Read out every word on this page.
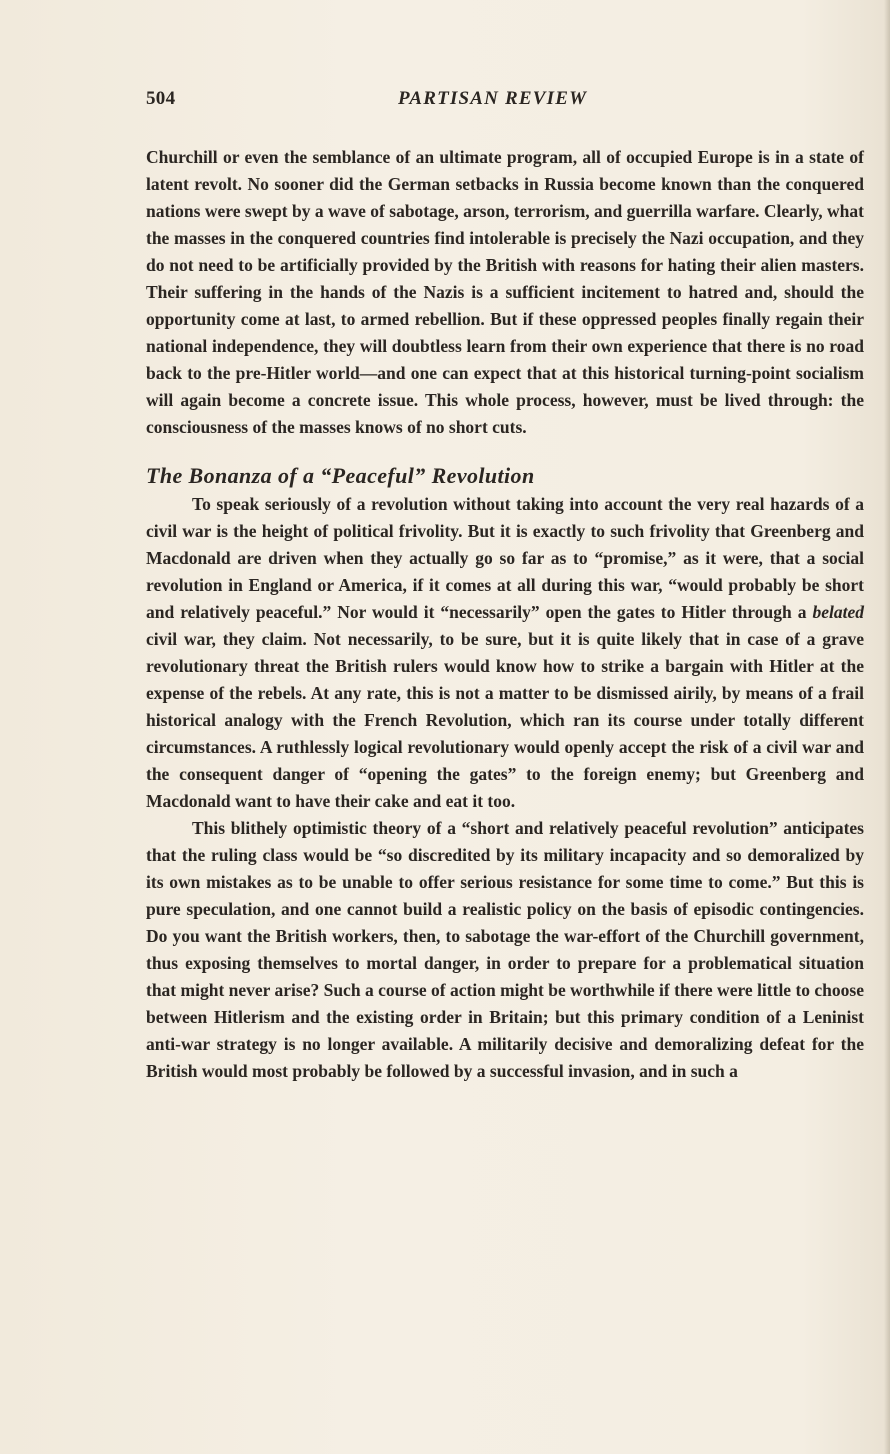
504	PARTISAN REVIEW

Churchill or even the semblance of an ultimate program, all of occupied Europe is in a state of latent revolt. No sooner did the German setbacks in Russia become known than the conquered nations were swept by a wave of sabotage, arson, terrorism, and guerrilla warfare. Clearly, what the masses in the conquered countries find intolerable is precisely the Nazi occupation, and they do not need to be artificially provided by the British with reasons for hating their alien masters. Their suffering in the hands of the Nazis is a sufficient incitement to hatred and, should the opportunity come at last, to armed rebellion. But if these oppressed peoples finally regain their national independence, they will doubtless learn from their own experience that there is no road back to the pre-Hitler world—and one can expect that at this historical turning-point socialism will again become a concrete issue. This whole process, however, must be lived through: the consciousness of the masses knows of no short cuts.

The Bonanza of a “Peaceful” Revolution

To speak seriously of a revolution without taking into account the very real hazards of a civil war is the height of political frivolity. But it is exactly to such frivolity that Greenberg and Macdonald are driven when they actually go so far as to “promise,” as it were, that a social revolution in England or America, if it comes at all during this war, “would probably be short and relatively peaceful.” Nor would it “necessarily” open the gates to Hitler through a belated civil war, they claim. Not necessarily, to be sure, but it is quite likely that in case of a grave revolutionary threat the British rulers would know how to strike a bargain with Hitler at the expense of the rebels. At any rate, this is not a matter to be dismissed airily, by means of a frail historical analogy with the French Revolution, which ran its course under totally different circumstances. A ruthlessly logical revolutionary would openly accept the risk of a civil war and the consequent danger of “opening the gates” to the foreign enemy; but Greenberg and Macdonald want to have their cake and eat it too.

This blithely optimistic theory of a “short and relatively peaceful revolution” anticipates that the ruling class would be “so discredited by its military incapacity and so demoralized by its own mistakes as to be unable to offer serious resistance for some time to come.” But this is pure speculation, and one cannot build a realistic policy on the basis of episodic contingencies. Do you want the British workers, then, to sabotage the war-effort of the Churchill government, thus exposing themselves to mortal danger, in order to prepare for a problematical situation that might never arise? Such a course of action might be worthwhile if there were little to choose between Hitlerism and the existing order in Britain; but this primary condition of a Leninist anti-war strategy is no longer available. A militarily decisive and demoralizing defeat for the British would most probably be followed by a successful invasion, and in such a
